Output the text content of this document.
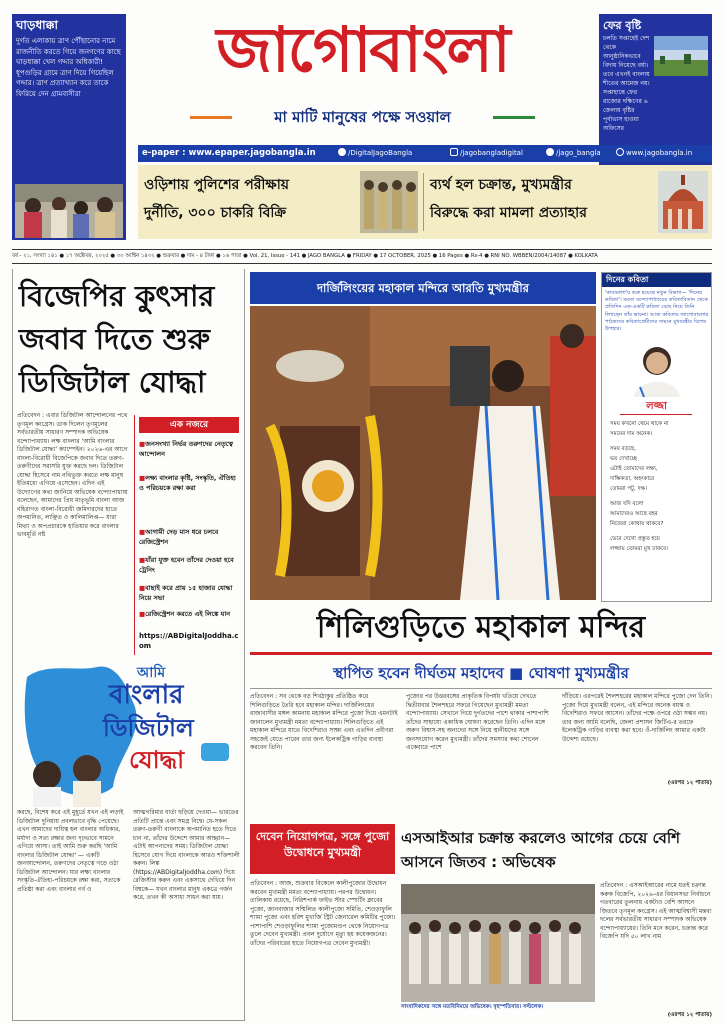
ঘাড়ধাক্কা
দুর্গত এলাকায় ত্রাণ পৌঁছানোর নামে রাজনীতি করতে গিয়ে জনগণের কাছে ঘাড়ধাক্কা খেল গদ্দার অধিকারী! ধূপগুড়ির গ্রামে ত্রাণ দিয়ে গিয়েছিল গদ্দার। ত্রাণ প্রত্যাখ্যান করে তাকে ফিরিয়ে দেন গ্রামবাসীরা
জাগোবাংলা
মা মাটি মানুষের পক্ষে সওয়াল
ফের বৃষ্টি
চলতি সপ্তাহেই দেশ থেকে আনুষ্ঠানিকভাবে বিদায় নিয়েছে বর্ষা। তবে এখনই বাংলায় শীতের আমেজ নয়। সপ্তাহান্তে ফের রাজ্যের দক্ষিণের ৬ জেলায় বৃষ্টির পূর্বাভাস হাওয়া অফিসের
e-paper : www.epaper.jagobangla.in	/DigitalJagoBangla	/jagobangladigital	/jago_bangla	www.jagobangla.in
ওড়িশায় পুলিশের পরীক্ষায়
দুর্নীতি, ৩০০ চাকরি বিক্রি
ব্যর্থ হল চক্রান্ত, মুখ্যমন্ত্রীর
বিরুদ্ধে করা মামলা প্রত্যাহার
বর্ষ - ২১, সংখ্যা ১৪১ ● ১৭ অক্টোবর, ২০২৫ ● ৩০ আশ্বিন ১৪৩২ ● শুক্রবার ● দাম - ৪ টাকা ● ১৬ পাতা ● Vol. 21, Issue - 141 ● JAGO BANGLA ● FRIDAY ● 17 OCTOBER, 2025 ● 16 Pages ● Rs-4 ● RNI NO. WBBEN/2004/14087 ● KOLKATA
বিজেপির কুৎসার জবাব দিতে শুরু ডিজিটাল যোদ্ধা
প্রতিবেদন : এবার ডিজিটাল আন্দোলনের পথে তৃণমূল কংগ্রেস। ডাক দিলেন তৃণমূলের সর্বভারতীয় সাধারণ সম্পাদক অভিষেক বন্দ্যোপাধ্যায়। লক্ষ বাংলার 'আমি বাংলার ডিজিটাল যোদ্ধা' ক্যাম্পেইন। ২০২৬-এর আগে বাংলা-বিরোধী বিজেপিকে জবাব দিতে তরুণ-তরুণীদের সরাসরি যুক্ত করছে দল। ডিজিটাল যোদ্ধা হিসেবে নাম নথিভুক্ত করতে লক্ষ মানুষ ইতিমধ্যে এগিয়ে এসেছেন। এদিন এই উদ্যোগের কথা জানিয়ে অভিষেক বন্দ্যোপাধ্যায় বলেছেন, আমাদের প্রিয় মাতৃভূমি বাংলা আজ বহিরাগত বাংলা-বিরোধী জমিদারদের হাতে অপমানিত, লাঞ্ছিত ও কালিমালিপ্ত— যারা মিথ্যা ও অপপ্রচারকে হাতিয়ার করে বাংলার ভাবমূর্তি নষ্ট
এক নজরে
■জনসংখ্যা নির্ভর তরুণদের নেতৃত্বে আন্দোলন
■লক্ষ্য বাংলার কৃষ্টি, সংস্কৃতি, ঐতিহ্য ও পরিচয়কে রক্ষা করা
■আগামী দেড় মাস ধরে চলবে রেজিস্ট্রেশন
■যাঁরা যুক্ত হবেন তাঁদের দেওয়া হবে ট্রেনিং
■বাছাই করে প্রায় ১৫ হাজার যোদ্ধা নিয়ে সভা
■রেজিস্ট্রেশন করতে এই লিঙ্কে যান
https://ABDigitalJoddha.com
আমি
বাংলার
ডিজিটাল
যোদ্ধা
করছে, বিশেষ করে এই মুহূর্তে যখন এই লড়াই ডিজিটাল দুনিয়ায় প্রবলভাবে বৃদ্ধি পেয়েছে। এখন আমাদের দায়িত্ব হল বাংলার অধিকার, মর্যাদা ও সত্য রক্ষার জন্য দৃঢ়ভাবে সামনে এগিয়ে আসা। তাই আমি শুরু করছি 'আমি বাংলার ডিজিটাল যোদ্ধা' — একটি জনআন্দোলন, তরুণদের নেতৃত্বে গড়ে ওঠা ডিজিটাল আন্দোলন। যার লক্ষ্য বাংলার সংস্কৃতি-ঐতিহ্য-পরিচয়কে রক্ষা করা, সত্যকে প্রতিষ্ঠা করা এবং বাংলার গর্ব ও
আত্মগরিমার বার্তা ছড়িয়ে দেওয়া— ভারতের প্রতিটি প্রান্তে এবং সমগ্র বিশ্বে। যে-সকল তরুণ-তরুণী বাংলাকে অপমানিত হতে দিতে চান না, তাঁদের উদ্দেশে আমার আহ্বান— এটাই আপনাদের সময়। ডিজিটাল যোদ্ধা হিসেবে যোগ দিয়ে বাংলাকে আরও শক্তিশালী করুন। লিঙ্ক (https://ABDigitalJoddha.com) দিয়ে রেজিস্টার করুন এবং একসাথে দেখিয়ে দিন বিশ্বকে— যখন বাংলার মানুষ একত্রে গর্জন করে, তখন কী অসাধ্য সাধন করা যায়।
দার্জিলিংয়ের মহাকাল মন্দিরে আরতি মুখ্যমন্ত্রীর
দিনের কবিতা
'কাব্যমালা'য় শুরু হয়েছে নতুন বিভাগ— 'দিনের কবিতা'। মমতা বন্দ্যোপাধ্যায়ের কবিতাবিতান থেকে প্রতিদিন এক-একটি কবিতা বেছে নিয়ে তিনি লিখছেন তাঁর ভাবনা। আজ কবিতায় জাগোবাংলার পাঠকদের কবিতাপ্রেমীদের সামনে মুখ্যমন্ত্রীর বিশেষ উপহার।
লজ্জা
সময় কখনো থেমে থাকে না
সময়ের দাম অনেক।
সময় বড়ছে,
ভয় দেখাচ্ছে
এটাই তোমাদের লক্ষ্য,
দাম্ভিকতা, অহংকারে
তোমরা পটু, দক্ষ।
আজ যদি বলো
আমাদেরও আছে বহর
নিজেরা কোথায় থাকবে?
ভেবে দেখো প্রস্তুত হয়ে
লজ্জায় তোমরা মুখ ঢাকবে।
শিলিগুড়িতে মহাকাল মন্দির
স্থাপিত হবেন দীর্ঘতম মহাদেব ■ ঘোষণা মুখ্যমন্ত্রীর
প্রতিবেদন : সব থেকে বড় শিবঠাকুর প্রতিষ্ঠিত করে শিলিগুড়িতে তৈরি হবে মহাকাল মন্দির। দার্জিলিংয়ের রাজ্যবাসীর মঙ্গল কামনায় মহাকাল মন্দিরে পুজো দিয়ে এমনটাই জানালেন মুখ্যমন্ত্রী মমতা বন্দ্যোপাধ্যায়। শিলিগুড়িতে এই মহাকাল মন্দিরে যাতে বিদেশিরাও সাক্ষ্য এবং এতদিন প্রবীণরা সহজেই যেতে পারেন তার জন্য ইলেকট্রিক গাড়ির ব্যবস্থা করবেন তিনি।
পুজোর পর উত্তরবঙ্গের প্রাকৃতিক বিপর্যয় খতিয়ে দেখতে দ্বিতীয়বার শৈলশহরে সফরে গিয়েছেন মুখ্যমন্ত্রী মমতা বন্দ্যোপাধ্যায়। সেখানে গিয়ে দুর্গতদের পাশে থাকার পাশাপাশি তাঁদের সাহায্যে একাধিক ঘোষণা করেছেন তিনি। এদিন মঙ্গে অরুণ বিশ্বাস-সহ অন্যদের সঙ্গে নিয়ে স্থানীয়দের সঙ্গে জনসংযোগ করেন মুখ্যমন্ত্রী। তাঁদের সমস্যার কথা শোনেন একেবারে পাশে
দাঁড়িয়ে। এরপরেই শৈলশহরের মহাকাল মন্দিরে পুজো দেন তিনি। পুজো দিয়ে মুখ্যমন্ত্রী বলেন, এই মন্দিরে অনেক বয়স্ক ও বিদেশিরাও সফরে আসেন। তাঁদের পক্ষে ওপরে ওঠা সম্ভব নয়। তার জন্য আমি বলেছি, জেলা প্রশাসন জিটিএ-র তরফে ইলেকট্রিক গাড়ির ব্যবস্থা করা হবে। ওঁ-দার্জিলিং আমার একটা উদ্দেশ্য রয়েছে।
(এরপর ১২ পাতায়)
দেবেন নিয়োগপত্র, সঙ্গে পুজো উদ্বোধনে মুখ্যমন্ত্রী
প্রতিবেদন : আজ, শুক্রবার বিকেলে কালীপুজোর উদ্বোধন করবেন মুখ্যমন্ত্রী মমতা বন্দ্যোপাধ্যায়। পরপর উদ্বোধন। তালিকায় রয়েছে, নিরিশপার্ক ফাইভ স্টার স্পোর্টিং ক্লাবের পুজো, জানবাজার সম্মিলিত কালীপুজো সমিতি, শেওড়াফুলি শ্যামা পুজো এবং হরিশ মুখার্জি স্ট্রিট জেনারেল কমিটির পুজো। পাশাপাশি শেওড়াফুলির শ্যামা পুজোমণ্ডপ থেকে নিয়োগপত্র তুলে দেবেন মুখ্যমন্ত্রী। প্রবল দুর্যোগে মৃত্যু হয় কয়েকজনের। তাঁদের পরিবারের হাতে নিয়োগপত্র দেবেন মুখ্যমন্ত্রী।
এসআইআর চক্রান্ত করলেও আগের চেয়ে বেশি আসনে জিতব : অভিষেক
সাংবাদিকদের সঙ্গে মতবিনিময়ে অভিষেক। বৃহস্পতিবার। সল্টলেক।
প্রতিবেদন : এসআইআরের নামে যতই চক্রান্ত করুক বিজেপি, ২০২৬-এর বিধানসভা নির্বাচনে গতবারের তুলনায় একটাও বেশি আসনে জিতবে তৃণমূল কংগ্রেস। এই আত্মবিশ্বাসী মন্তব্য দলের সর্বভারতীয় সাধারণ সম্পাদক অভিষেক বন্দ্যোপাধ্যায়ের। তিনি মনে করেন, চক্রান্ত করে বিজেপি যদি ৫০ লাখ নাম
(এরপর ১২ পাতায়)
